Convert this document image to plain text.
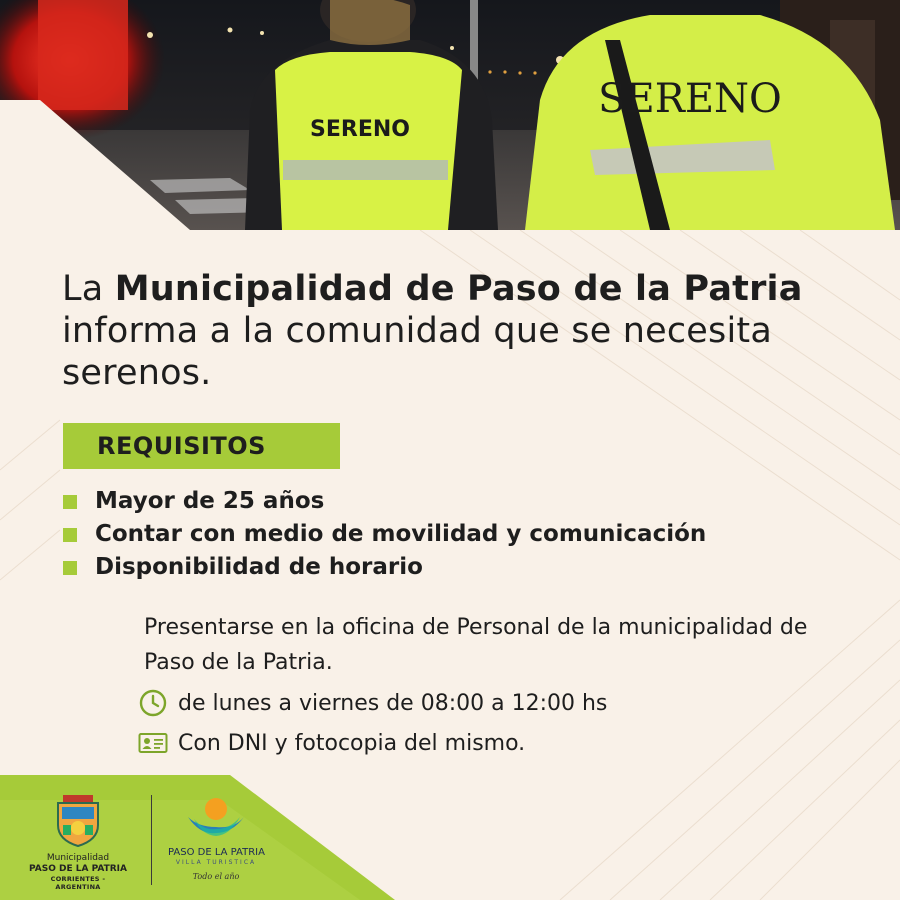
SERENO
SERENO
La Municipalidad de Paso de la Patria informa a la comunidad que se necesita serenos.
REQUISITOS
Mayor de 25 años
Contar con medio de movilidad y comunicación
Disponibilidad de horario
Presentarse en la oficina de Personal de la municipalidad de Paso de la Patria.
de lunes a viernes de 08:00 a 12:00 hs
Con DNI y fotocopia del mismo.
Municipalidad
PASO DE LA PATRIA
CORRIENTES - ARGENTINA
PASO DE LA PATRIA
VILLA TURISTICA
Todo el año
